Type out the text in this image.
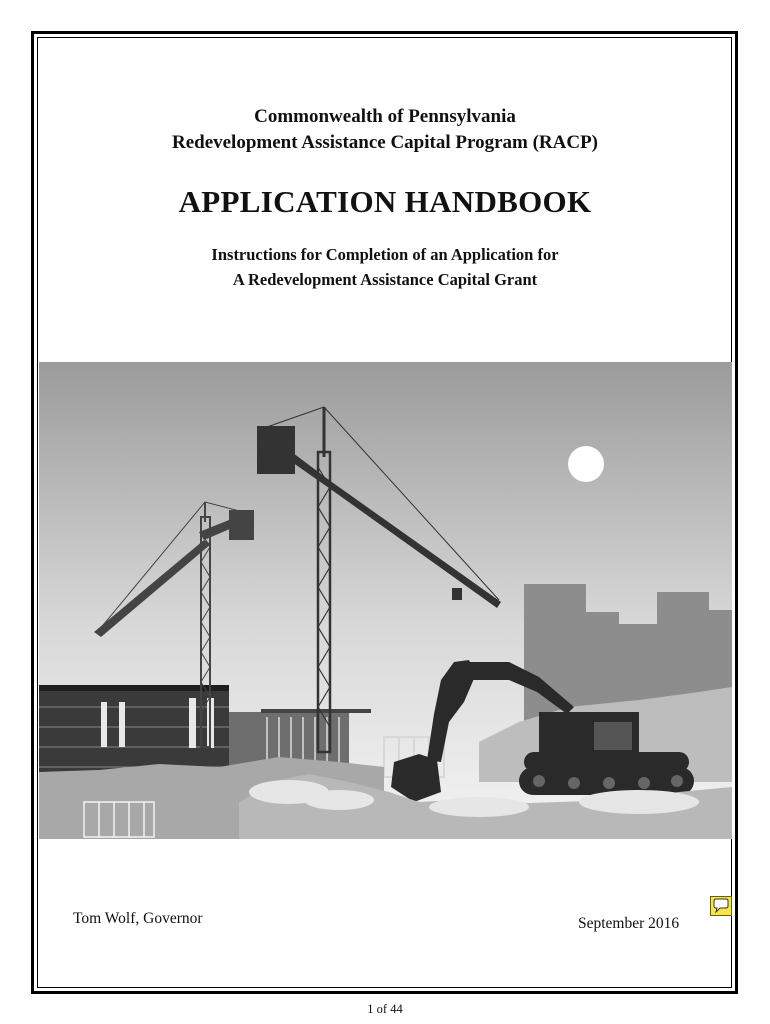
Commonwealth of Pennsylvania
Redevelopment Assistance Capital Program (RACP)
APPLICATION HANDBOOK
Instructions for Completion of an Application for
A Redevelopment Assistance Capital Grant
Tom Wolf, Governor	September 2016
1 of 44
